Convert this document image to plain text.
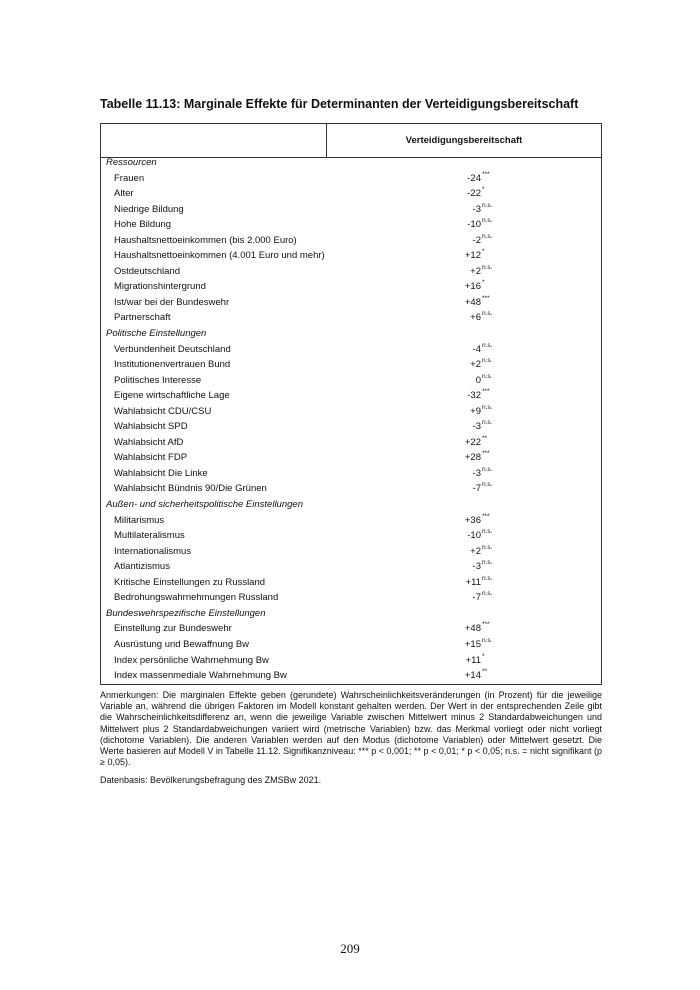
Tabelle 11.13: Marginale Effekte für Determinanten der Verteidigungsbereitschaft
Verteidigungsbereitschaft
Ressourcen
Frauen	-24 ***
Alter	-22 *
Niedrige Bildung	-3 n.s.
Hohe Bildung	-10 n.s.
Haushaltsnettoeinkommen (bis 2.000 Euro)	-2 n.s.
Haushaltsnettoeinkommen (4.001 Euro und mehr)	+12 *
Ostdeutschland	+2 n.s.
Migrationshintergrund	+16 *
Ist/war bei der Bundeswehr	+48 ***
Partnerschaft	+6 n.s.
Politische Einstellungen
Verbundenheit Deutschland	-4 n.s.
Institutionenvertrauen Bund	+2 n.s.
Politisches Interesse	0 n.s.
Eigene wirtschaftliche Lage	-32 ***
Wahlabsicht CDU/CSU	+9 n.s.
Wahlabsicht SPD	-3 n.s.
Wahlabsicht AfD	+22 **
Wahlabsicht FDP	+28 ***
Wahlabsicht Die Linke	-3 n.s.
Wahlabsicht Bündnis 90/Die Grünen	-7 n.s.
Außen- und sicherheitspolitische Einstellungen
Militarismus	+36 ***
Multilateralismus	-10 n.s.
Internationalismus	+2 n.s.
Atlantizismus	-3 n.s.
Kritische Einstellungen zu Russland	+11 n.s.
Bedrohungswahrnehmungen Russland	-7 n.s.
Bundeswehrspezifische Einstellungen
Einstellung zur Bundeswehr	+48 ***
Ausrüstung und Bewaffnung Bw	+15 n.s.
Index persönliche Wahrnehmung Bw	+11 *
Index massenmediale Wahrnehmung Bw	+14 **
Anmerkungen: Die marginalen Effekte geben (gerundete) Wahrscheinlichkeitsveränderungen (in Prozent) für die jeweilige Variable an, während die übrigen Faktoren im Modell konstant gehalten werden. Der Wert in der entsprechenden Zeile gibt die Wahrscheinlichkeitsdifferenz an, wenn die jeweilige Variable zwischen Mittelwert minus 2 Standardabweichungen und Mittelwert plus 2 Standardabweichungen variiert wird (metrische Variablen) bzw. das Merkmal vorliegt oder nicht vorliegt (dichotome Variablen). Die anderen Variablen werden auf den Modus (dichotome Variablen) oder Mittelwert gesetzt. Die Werte basieren auf Modell V in Tabelle 11.12. Signifikanzniveau: *** p < 0,001; ** p < 0,01; * p < 0,05; n.s. = nicht signifikant (p ≥ 0,05).
Datenbasis: Bevölkerungsbefragung des ZMSBw 2021.
209
